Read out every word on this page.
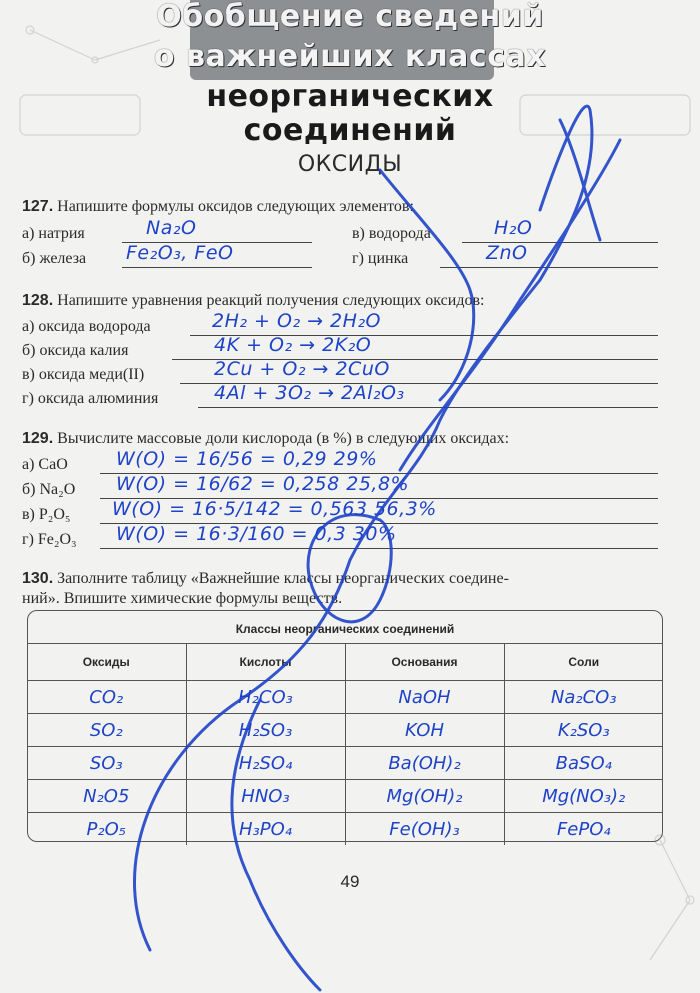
Обобщение сведений
о важнейших классах
неорганических соединений
ОКСИДЫ
127. Напишите формулы оксидов следующих элементов:
а) натрия	Na₂O	в) водорода	H₂O
б) железа Fe₂O₃, FeO	г) цинка	ZnO
128. Напишите уравнения реакций получения следующих оксидов:
а) оксида водорода	2H₂ + O₂ → 2H₂O
б) оксида калия	4K + O₂ → 2K₂O
в) оксида меди(II)	2Cu + O₂ → 2CuO
г) оксида алюминия	4Al + 3O₂ → 2Al₂O₃
129. Вычислите массовые доли кислорода (в %) в следующих оксидах:
а) CaO	W(O) = 16/56 = 0,29 29%
б) Na₂O W(O) = 16/62 = 0,258 25,8%
в) P₂O₅ W(O) = 16·5/142 = 0,563 56,3%
г) Fe₂O₃ W(O) = 16·3/160 = 0,3 30%
130. Заполните таблицу «Важнейшие классы неорганических соедине-
ний». Впишите химические формулы веществ.
Классы неорганических соединений
Оксиды	Кислоты	Основания	Соли
CO₂	H₂CO₃	NaOH	Na₂CO₃
SO₂	H₂SO₃	KOH	K₂SO₃
SO₃	H₂SO₄	Ba(OH)₂	BaSO₄
N₂O5	HNO₃	Mg(OH)₂	Mg(NO₃)₂
P₂O₅	H₃PO₄	Fe(OH)₃	FePO₄
49
